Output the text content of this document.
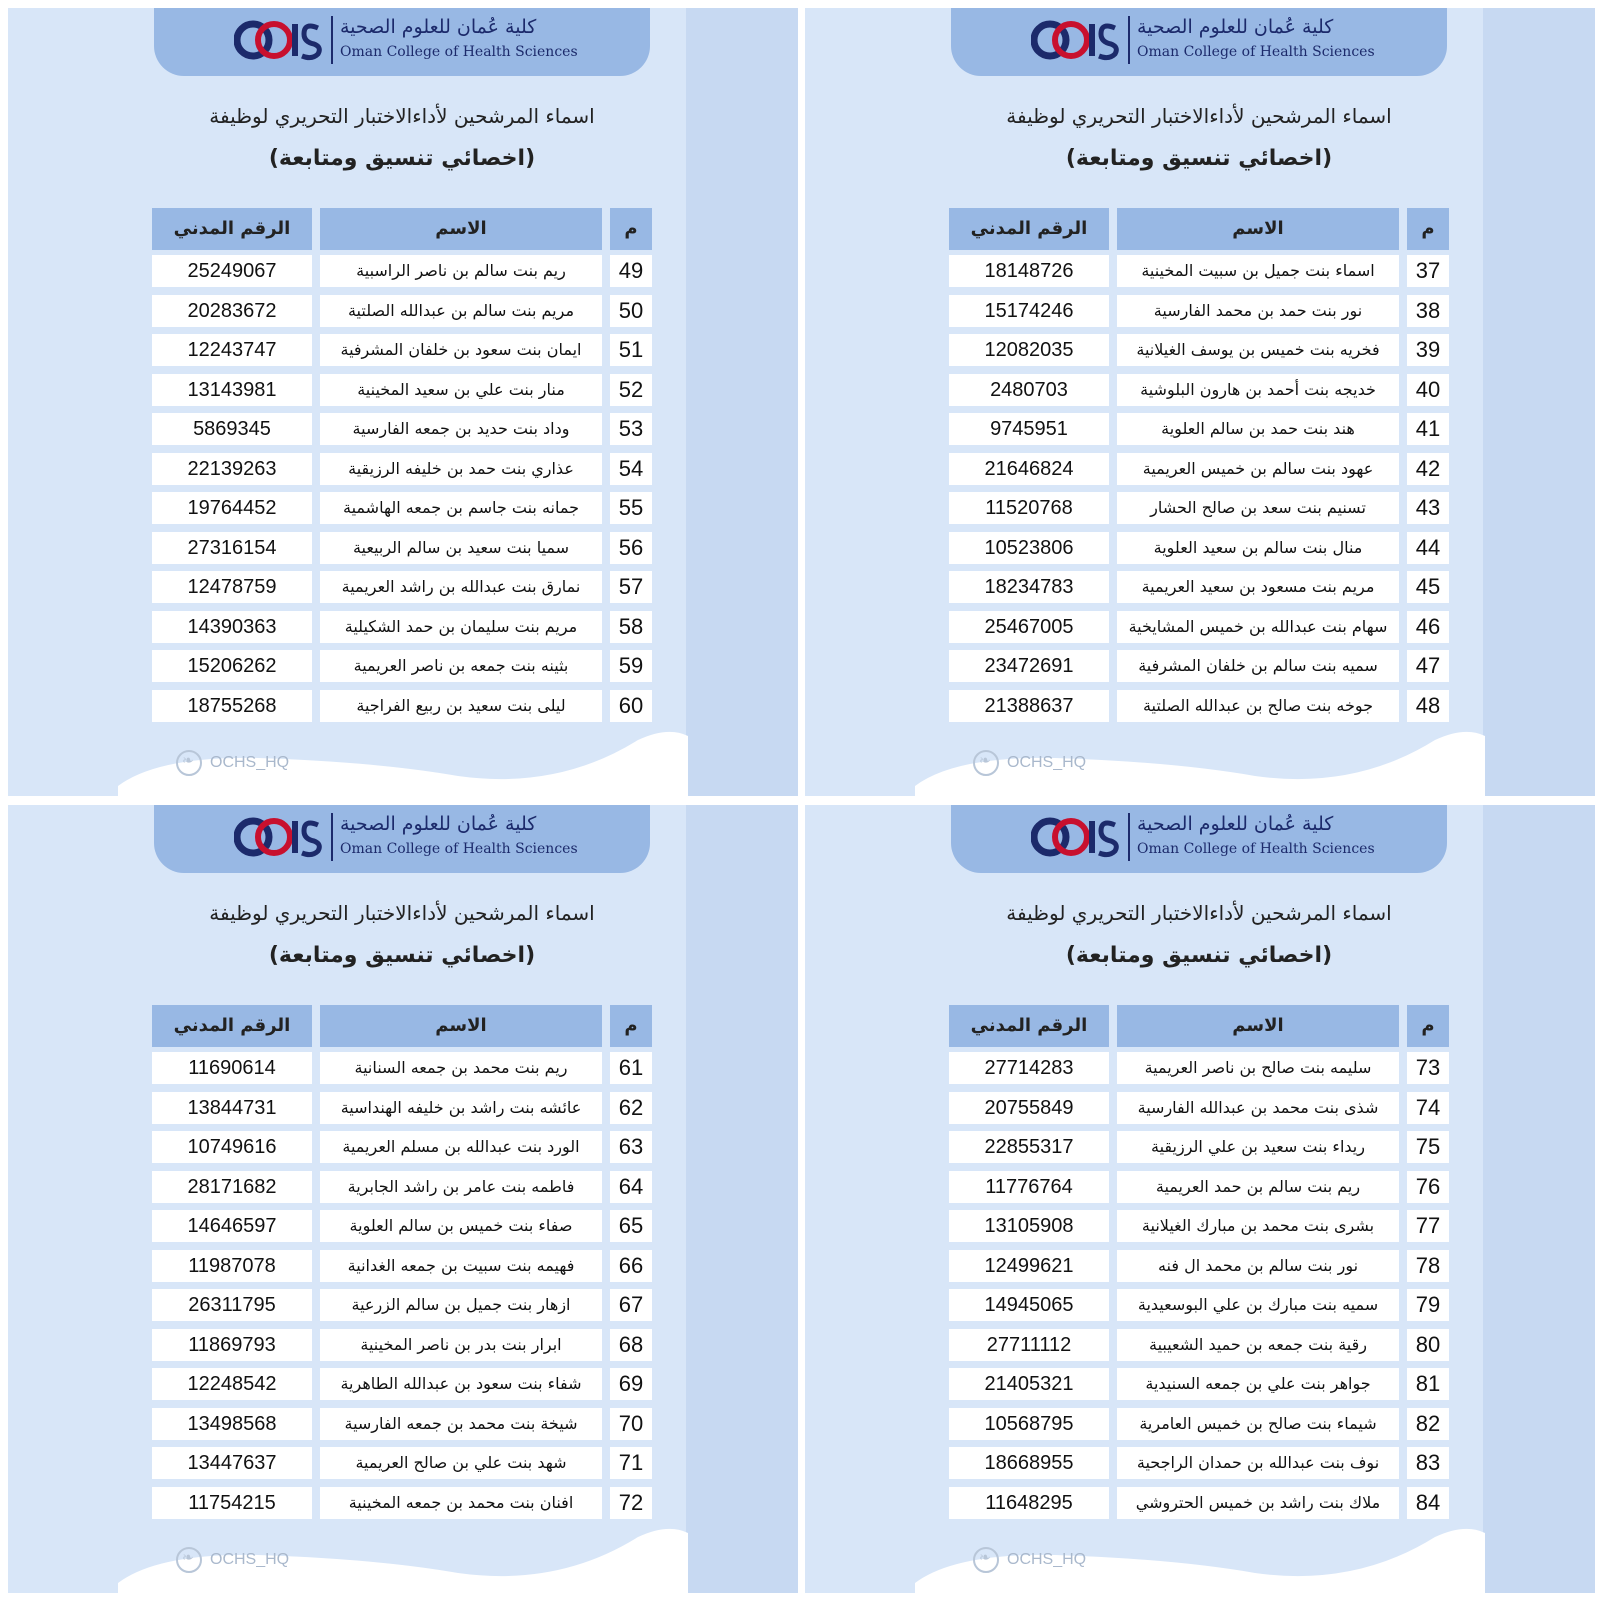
كلية عُمان للعلوم الصحية
Oman College of Health Sciences
اسماء المرشحين لأداءالاختبار التحريري لوظيفة
(اخصائي تنسيق ومتابعة)
الرقم المدني	الاسم	م
18148726	اسماء بنت جميل بن سبيت المخينية	37
15174246	نور بنت حمد بن محمد الفارسية	38
12082035	فخريه بنت خميس بن يوسف الغيلانية	39
2480703	خديجه بنت أحمد بن هارون البلوشية	40
9745951	هند بنت حمد بن سالم العلوية	41
21646824	عهود بنت سالم بن خميس العريمية	42
11520768	تسنيم بنت سعد بن صالح الحشار	43
10523806	منال بنت سالم بن سعيد العلوية	44
18234783	مريم بنت مسعود بن سعيد العريمية	45
25467005	سهام بنت عبدالله بن خميس المشايخية	46
23472691	سميه بنت سالم بن خلفان المشرفية	47
21388637	جوخه بنت صالح بن عبدالله الصلتية	48
❧OCHS_HQ
كلية عُمان للعلوم الصحية
Oman College of Health Sciences
اسماء المرشحين لأداءالاختبار التحريري لوظيفة
(اخصائي تنسيق ومتابعة)
الرقم المدني	الاسم	م
25249067	ريم بنت سالم بن ناصر الراسبية	49
20283672	مريم بنت سالم بن عبدالله الصلتية	50
12243747	ايمان بنت سعود بن خلفان المشرفية	51
13143981	منار بنت علي بن سعيد المخينية	52
5869345	وداد بنت حديد بن جمعه الفارسية	53
22139263	عذاري بنت حمد بن خليفه الرزيقية	54
19764452	جمانه بنت جاسم بن جمعه الهاشمية	55
27316154	سميا بنت سعيد بن سالم الربيعية	56
12478759	نمارق بنت عبدالله بن راشد العريمية	57
14390363	مريم بنت سليمان بن حمد الشكيلية	58
15206262	بثينه بنت جمعه بن ناصر العريمية	59
18755268	ليلى بنت سعيد بن ربيع الفراجية	60
❧OCHS_HQ
كلية عُمان للعلوم الصحية
Oman College of Health Sciences
اسماء المرشحين لأداءالاختبار التحريري لوظيفة
(اخصائي تنسيق ومتابعة)
الرقم المدني	الاسم	م
11690614	ريم بنت محمد بن جمعه السنانية	61
13844731	عائشه بنت راشد بن خليفه الهنداسية	62
10749616	الورد بنت عبدالله بن مسلم العريمية	63
28171682	فاطمه بنت عامر بن راشد الجابرية	64
14646597	صفاء بنت خميس بن سالم العلوية	65
11987078	فهيمه بنت سبيت بن جمعه الغدانية	66
26311795	ازهار بنت جميل بن سالم الزرعية	67
11869793	ابرار بنت بدر بن ناصر المخينية	68
12248542	شفاء بنت سعود بن عبدالله الطاهرية	69
13498568	شيخة بنت محمد بن جمعه الفارسية	70
13447637	شهد بنت علي بن صالح العريمية	71
11754215	افنان بنت محمد بن جمعه المخينية	72
❧OCHS_HQ
كلية عُمان للعلوم الصحية
Oman College of Health Sciences
اسماء المرشحين لأداءالاختبار التحريري لوظيفة
(اخصائي تنسيق ومتابعة)
الرقم المدني	الاسم	م
27714283	سليمه بنت صالح بن ناصر العريمية	73
20755849	شذى بنت محمد بن عبدالله الفارسية	74
22855317	ريداء بنت سعيد بن علي الرزيقية	75
11776764	ريم بنت سالم بن حمد العريمية	76
13105908	بشرى بنت محمد بن مبارك الغيلانية	77
12499621	نور بنت سالم بن محمد ال فنه	78
14945065	سميه بنت مبارك بن علي البوسعيدية	79
27711112	رقية بنت جمعه بن حميد الشعيبية	80
21405321	جواهر بنت علي بن جمعه السنيدية	81
10568795	شيماء بنت صالح بن خميس العامرية	82
18668955	نوف بنت عبدالله بن حمدان الراجحية	83
11648295	ملاك بنت راشد بن خميس الحتروشي	84
❧OCHS_HQ
